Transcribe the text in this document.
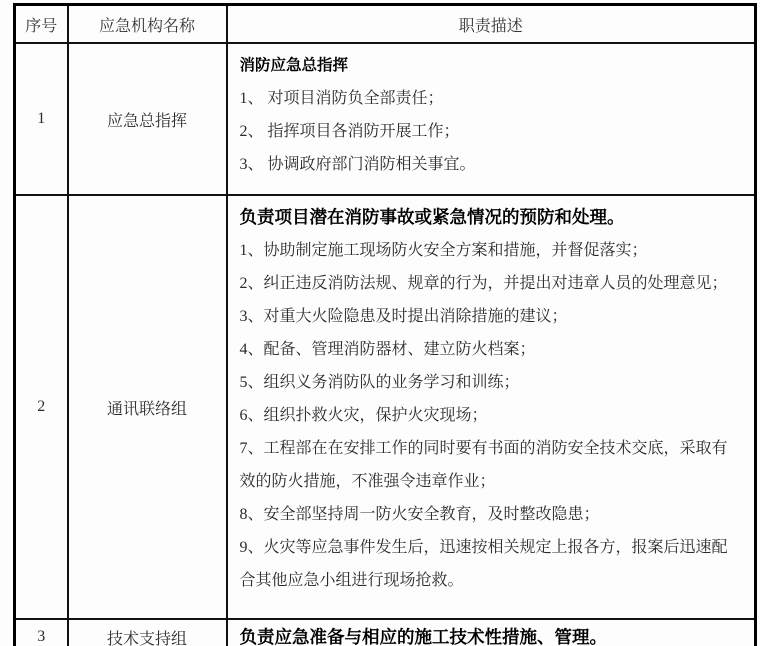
序号	应急机构名称	职责描述
1	应急总指挥	消防应急总指挥
1、 对项目消防负全部责任；
2、 指挥项目各消防开展工作；
3、 协调政府部门消防相关事宜。

2	通讯联络组	
负责项目潜在消防事故或紧急情况的预防和处理。
1、协助制定施工现场防火安全方案和措施，并督促落实；
2、纠正违反消防法规、规章的行为，并提出对违章人员的处理意见；
3、对重大火险隐患及时提出消除措施的建议；
4、配备、管理消防器材、建立防火档案；
5、组织义务消防队的业务学习和训练；
6、组织扑救火灾，保护火灾现场；
7、工程部在在安排工作的同时要有书面的消防安全技术交底，采取有效的防火措施，不准强令违章作业；
8、安全部坚持周一防火安全教育，及时整改隐患；
9、火灾等应急事件发生后，迅速按相关规定上报各方，报案后迅速配合其他应急小组进行现场抢救。

3	技术支持组	负责应急准备与相应的施工技术性措施、管理。
